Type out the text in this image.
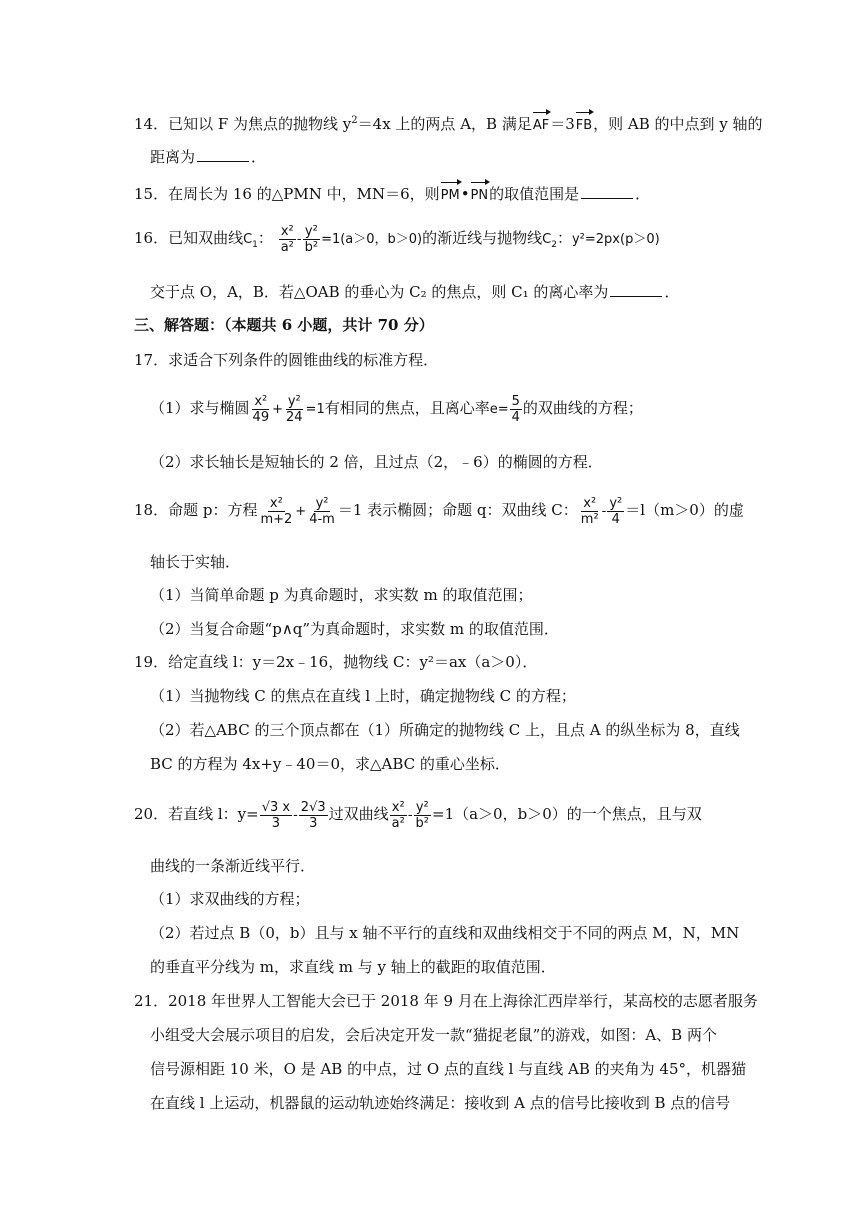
14．已知以 F 为焦点的抛物线 $y^2=4x$ 上的两点 A，B 满足AF＝3FB，则 AB 的中点到 y 轴的
距离为	．
15．在周长为 16 的△PMN 中，MN＝6，则PM•PN的取值范围是	．
16．已知双曲线$C_1$： $\frac{\text{x²}}{\text{a²}} - \frac{\text{y²}}{\text{b²}} =1(a>0$，b＞0)的渐近线与抛物线$C_2$：y²=2px(p＞0)
交于点 O，A，B．若△OAB 的垂心为 C₂ 的焦点，则 C₁ 的离心率为	．
三、解答题：（本题共 6 小题，共计 70 分）
17．求适合下列条件的圆锥曲线的标准方程．
（1）求与椭圆 $\frac{\text{x²}}{49} + \frac{\text{y²}}{24} =1$有相同的焦点，且离心率$e= \frac{5}{4}$ 的双曲线的方程；
（2）求长轴长是短轴长的 2 倍，且过点（2，﹣6）的椭圆的方程．
18．命题 p：方程 $\frac{\text{x²}}{m+2} + \frac{\text{y²}}{4-m} =1$ 表示椭圆；命题 q：双曲线 C： $\frac{\text{x²}}{\text{m²}} - \frac{\text{y²}}{4} =l(m>0)$的虚
轴长于实轴．
（1）当简单命题 p 为真命题时，求实数 m 的取值范围；
（2）当复合命题“p∧q”为真命题时，求实数 m 的取值范围．
19．给定直线 l：y＝2x﹣16，抛物线 C：y²＝ax（a＞0）．
（1）当抛物线 C 的焦点在直线 l 上时，确定抛物线 C 的方程；
（2）若△ABC 的三个顶点都在（1）所确定的抛物线 C 上，且点 A 的纵坐标为 8，直线
BC 的方程为 4x+y﹣40＝0，求△ABC 的重心坐标．
20．若直线 l：$y= \frac{√3 x}{3} - \frac{2√3}{3}$ 过双曲线 $\frac{\text{x²}}{\text{a²}} - \frac{\text{y²}}{\text{b²}} =1(a>0$，b＞0）的一个焦点，且与双
曲线的一条渐近线平行．
（1）求双曲线的方程；
（2）若过点 B（0，b）且与 x 轴不平行的直线和双曲线相交于不同的两点 M，N，MN
的垂直平分线为 m，求直线 m 与 y 轴上的截距的取值范围．
21．2018 年世界人工智能大会已于 2018 年 9 月在上海徐汇西岸举行，某高校的志愿者服务
小组受大会展示项目的启发，会后决定开发一款“猫捉老鼠”的游戏，如图：A、B 两个
信号源相距 10 米，O 是 AB 的中点，过 O 点的直线 l 与直线 AB 的夹角为 45°，机器猫
在直线 l 上运动，机器鼠的运动轨迹始终满足：接收到 A 点的信号比接收到 B 点的信号
